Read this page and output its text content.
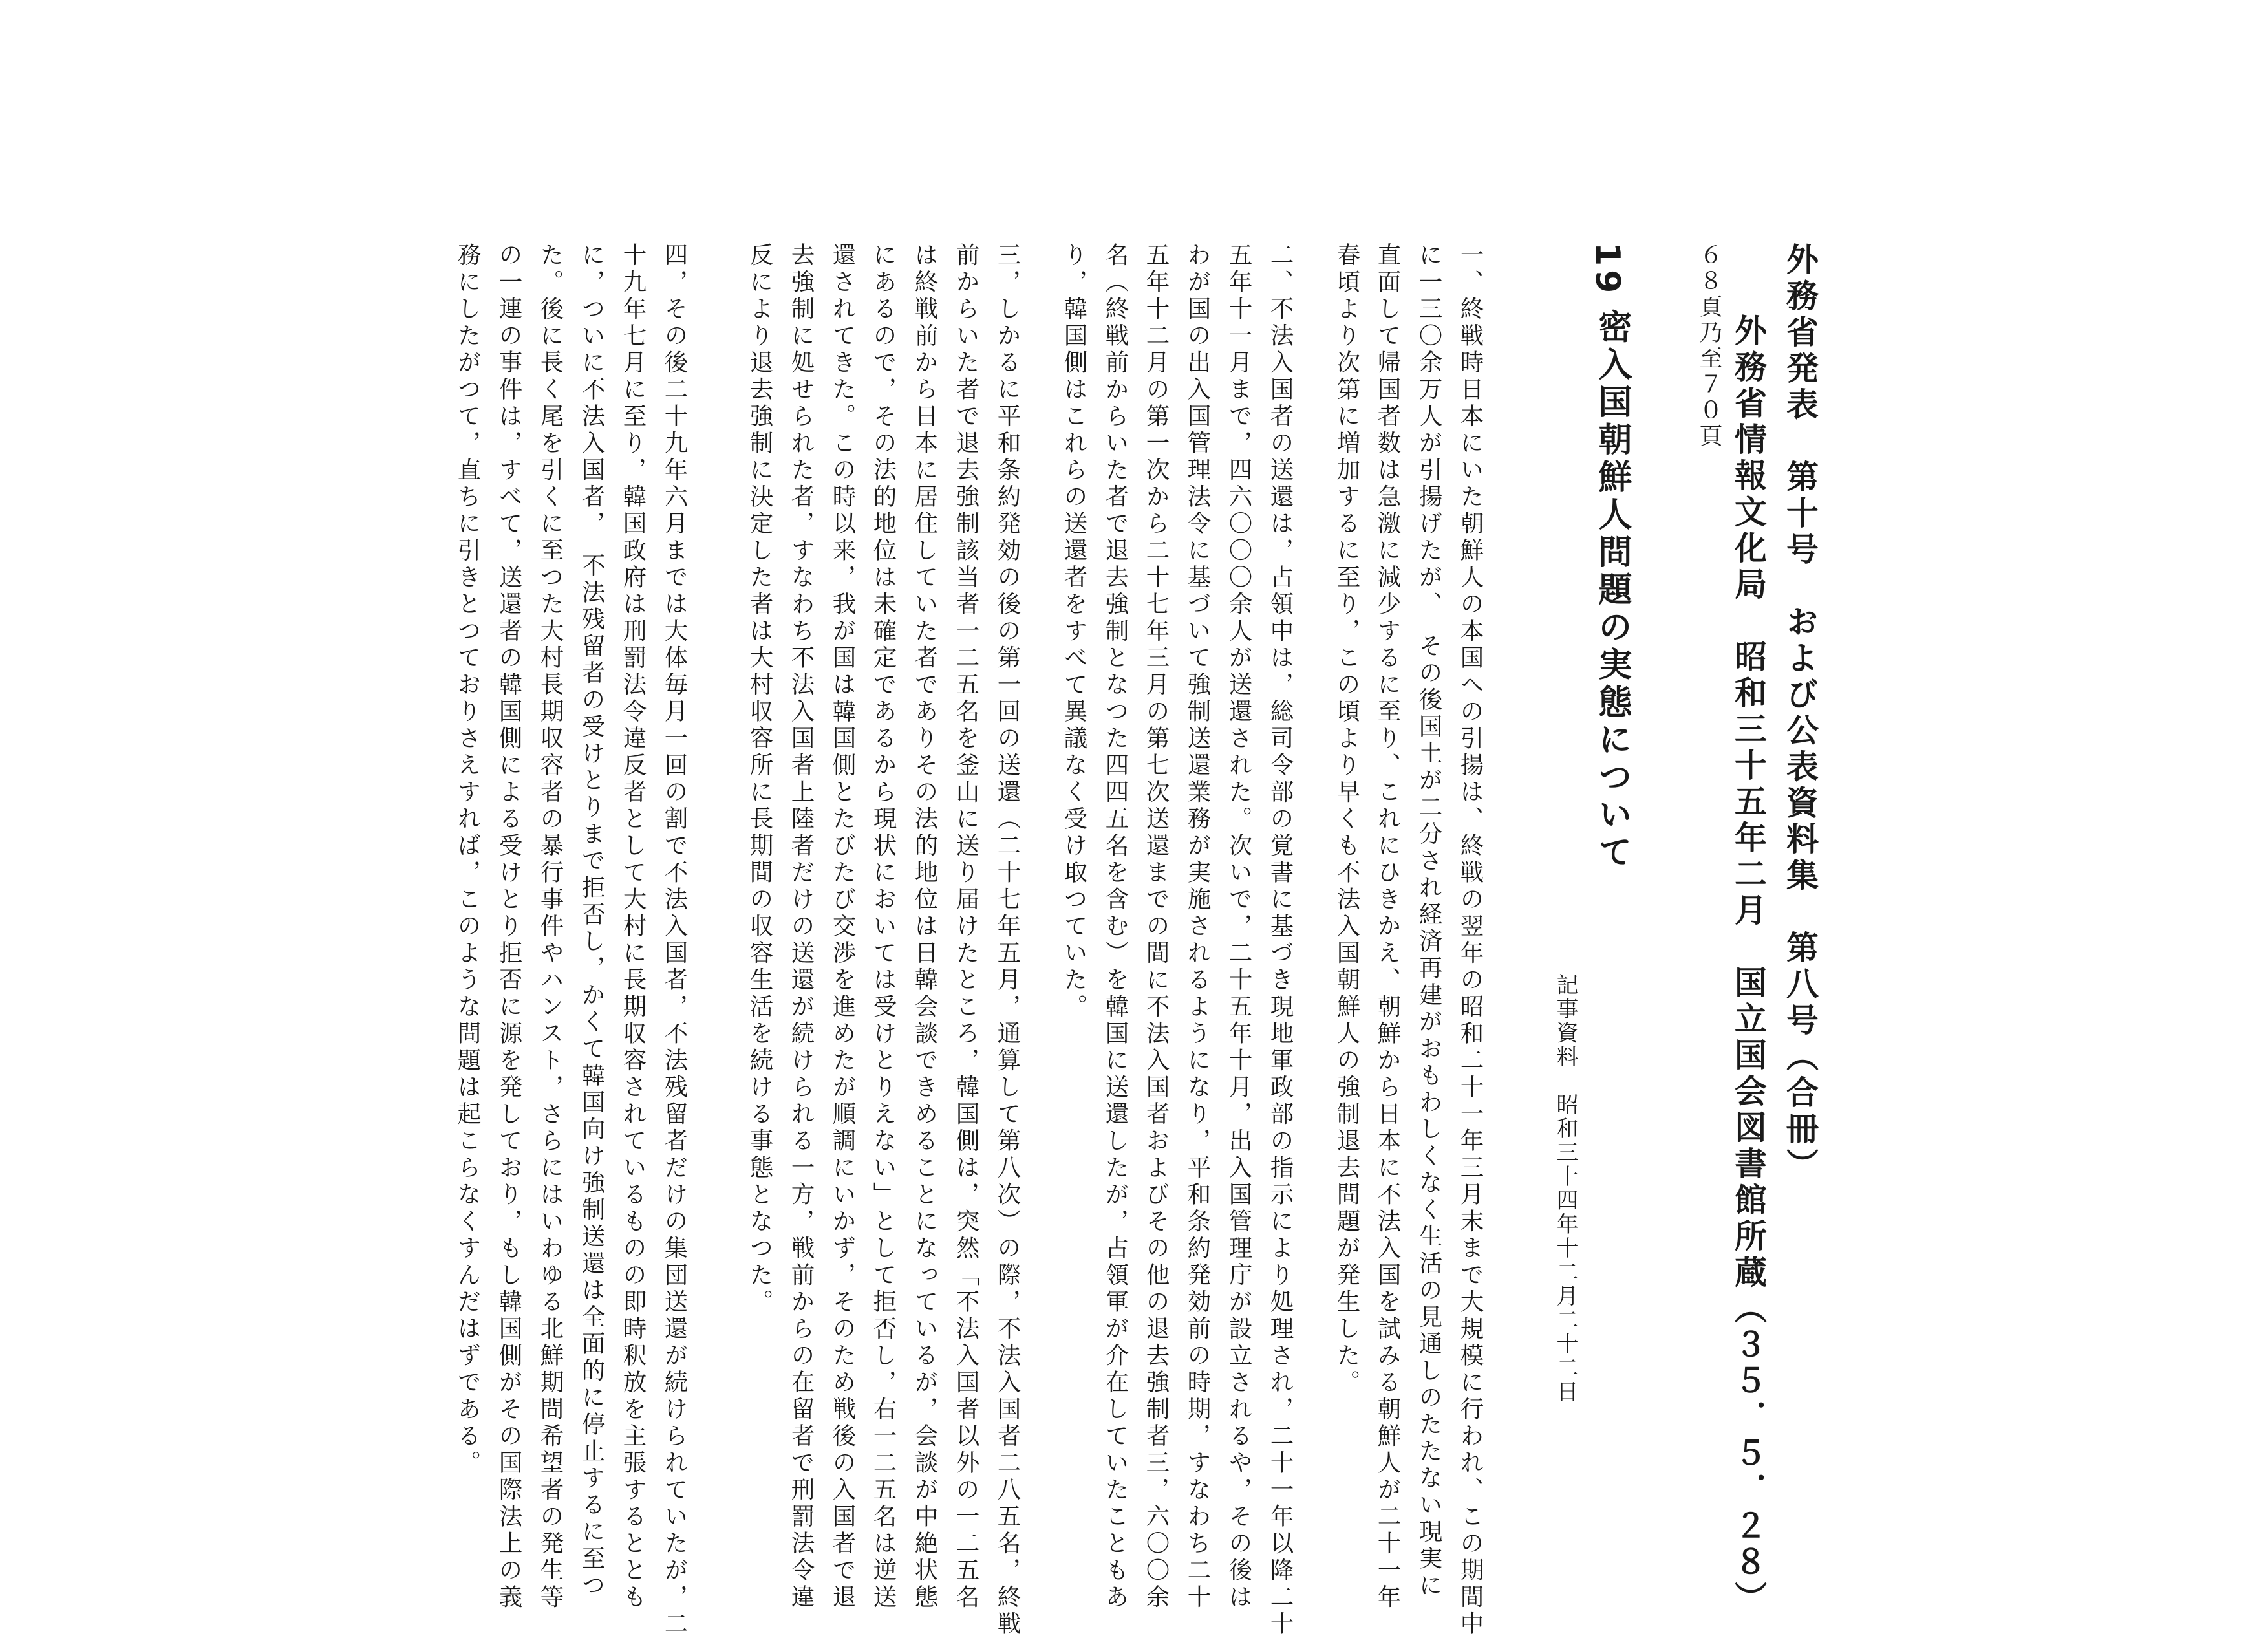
外務省発表　第十号　および公表資料集　第八号（合冊）
外務省情報文化局　昭和三十五年二月　国立国会図書館所蔵（３５．５．２８）
６８頁乃至７０頁
19
密入国朝鮮人問題の実態について
記事資料　昭和三十四年十二月二十二日
一、終戦時日本にいた朝鮮人の本国への引揚は、終戦の翌年の昭和二十一年三月末まで大規模に行われ、この期間中
に一三〇余万人が引揚げたが、　その後国土が二分され経済再建がおもわしくなく生活の見通しのたたない現実に
直面して帰国者数は急激に減少するに至り、これにひきかえ、朝鮮から日本に不法入国を試みる朝鮮人が二十一年
春頃より次第に増加するに至り，この頃より早くも不法入国朝鮮人の強制退去問題が発生した。
二、不法入国者の送還は，占領中は，総司令部の覚書に基づき現地軍政部の指示により処理され，二十一年以降二十
五年十一月まで，四六〇〇〇余人が送還された。次いで，二十五年十月，出入国管理庁が設立されるや，その後は
わが国の出入国管理法令に基づいて強制送還業務が実施されるようになり，平和条約発効前の時期，すなわち二十
五年十二月の第一次から二十七年三月の第七次送還までの間に不法入国者およびその他の退去強制者三，六〇〇余
名（終戦前からいた者で退去強制となつた四四五名を含む）を韓国に送還したが，占領軍が介在していたこともあ
り，韓国側はこれらの送還者をすべて異議なく受け取つていた。
三，しかるに平和条約発効の後の第一回の送還（二十七年五月，通算して第八次）の際，不法入国者二八五名，終戦
前からいた者で退去強制該当者一二五名を釜山に送り届けたところ，韓国側は，突然「不法入国者以外の一二五名
は終戦前から日本に居住していた者でありその法的地位は日韓会談できめることになっているが，会談が中絶状態
にあるので，その法的地位は未確定であるから現状においては受けとりえない」として拒否し，右一二五名は逆送
還されてきた。この時以来，我が国は韓国側とたびたび交渉を進めたが順調にいかず，そのため戦後の入国者で退
去強制に処せられた者，すなわち不法入国者上陸者だけの送還が続けられる一方，戦前からの在留者で刑罰法令違
反により退去強制に決定した者は大村収容所に長期間の収容生活を続ける事態となつた。
四，その後二十九年六月までは大体毎月一回の割で不法入国者，不法残留者だけの集団送還が続けられていたが，二
十九年七月に至り，韓国政府は刑罰法令違反者として大村に長期収容されているものの即時釈放を主張するととも
に，ついに不法入国者，　不法残留者の受けとりまで拒否し，かくて韓国向け強制送還は全面的に停止するに至つ
た。後に長く尾を引くに至つた大村長期収容者の暴行事件やハンスト，さらにはいわゆる北鮮期間希望者の発生等
の一連の事件は，すべて，送還者の韓国側による受けとり拒否に源を発しており，もし韓国側がその国際法上の義
務にしたがつて，直ちに引きとつておりさえすれば，このような問題は起こらなくすんだはずである。
